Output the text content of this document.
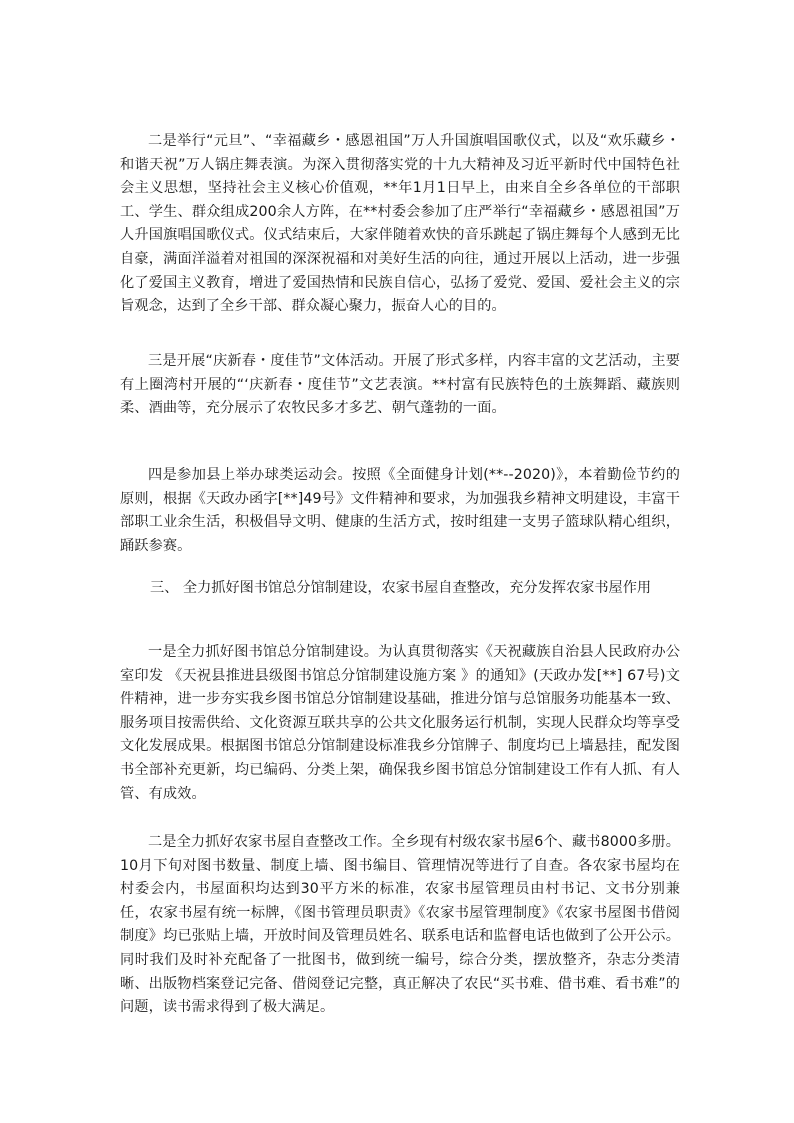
二是举行“元旦”、“幸福藏乡・感恩祖国”万人升国旗唱国歌仪式，以及“欢乐藏乡・和谐天祝”万人锅庄舞表演。为深入贯彻落实党的十九大精神及习近平新时代中国特色社会主义思想，坚持社会主义核心价值观，**年1月1日早上，由来自全乡各单位的干部职工、学生、群众组成200余人方阵，在**村委会参加了庄严举行“幸福藏乡・感恩祖国”万人升国旗唱国歌仪式。仪式结束后，大家伴随着欢快的音乐跳起了锅庄舞每个人感到无比自豪，满面洋溢着对祖国的深深祝福和对美好生活的向往，通过开展以上活动，进一步强化了爱国主义教育，增进了爱国热情和民族自信心，弘扬了爱党、爱国、爱社会主义的宗旨观念，达到了全乡干部、群众凝心聚力，振奋人心的目的。

三是开展“庆新春・度佳节”文体活动。开展了形式多样，内容丰富的文艺活动，主要有上圈湾村开展的“‘庆新春・度佳节”文艺表演。**村富有民族特色的土族舞蹈、藏族则柔、酒曲等，充分展示了农牧民多才多艺、朝气蓬勃的一面。

四是参加县上举办球类运动会。按照《全面健身计划(**--2020)》，本着勤俭节约的原则，根据《天政办函字[**]49号》文件精神和要求，为加强我乡精神文明建设，丰富干部职工业余生活，积极倡导文明、健康的生活方式，按时组建一支男子篮球队精心组织，踊跃参赛。

三、 全力抓好图书馆总分馆制建设，农家书屋自查整改，充分发挥农家书屋作用

一是全力抓好图书馆总分馆制建设。为认真贯彻落实《天祝藏族自治县人民政府办公室印发 《天祝县推进县级图书馆总分馆制建设施方案 》的通知》(天政办发[**] 67号)文件精神，进一步夯实我乡图书馆总分馆制建设基础，推进分馆与总馆服务功能基本一致、服务项目按需供给、文化资源互联共享的公共文化服务运行机制，实现人民群众均等享受文化发展成果。根据图书馆总分馆制建设标准我乡分馆牌子、制度均已上墙悬挂，配发图书全部补充更新，均已编码、分类上架，确保我乡图书馆总分馆制建设工作有人抓、有人管、有成效。

二是全力抓好农家书屋自查整改工作。全乡现有村级农家书屋6个、藏书8000多册。10月下旬对图书数量、制度上墙、图书编目、管理情况等进行了自查。各农家书屋均在村委会内，书屋面积均达到30平方米的标准，农家书屋管理员由村书记、文书分别兼任，农家书屋有统一标牌，《图书管理员职责》《农家书屋管理制度》《农家书屋图书借阅制度》均已张贴上墙，开放时间及管理员姓名、联系电话和监督电话也做到了公开公示。同时我们及时补充配备了一批图书，做到统一编号，综合分类，摆放整齐，杂志分类清晰、出版物档案登记完备、借阅登记完整，真正解决了农民“买书难、借书难、看书难”的问题，读书需求得到了极大满足。
